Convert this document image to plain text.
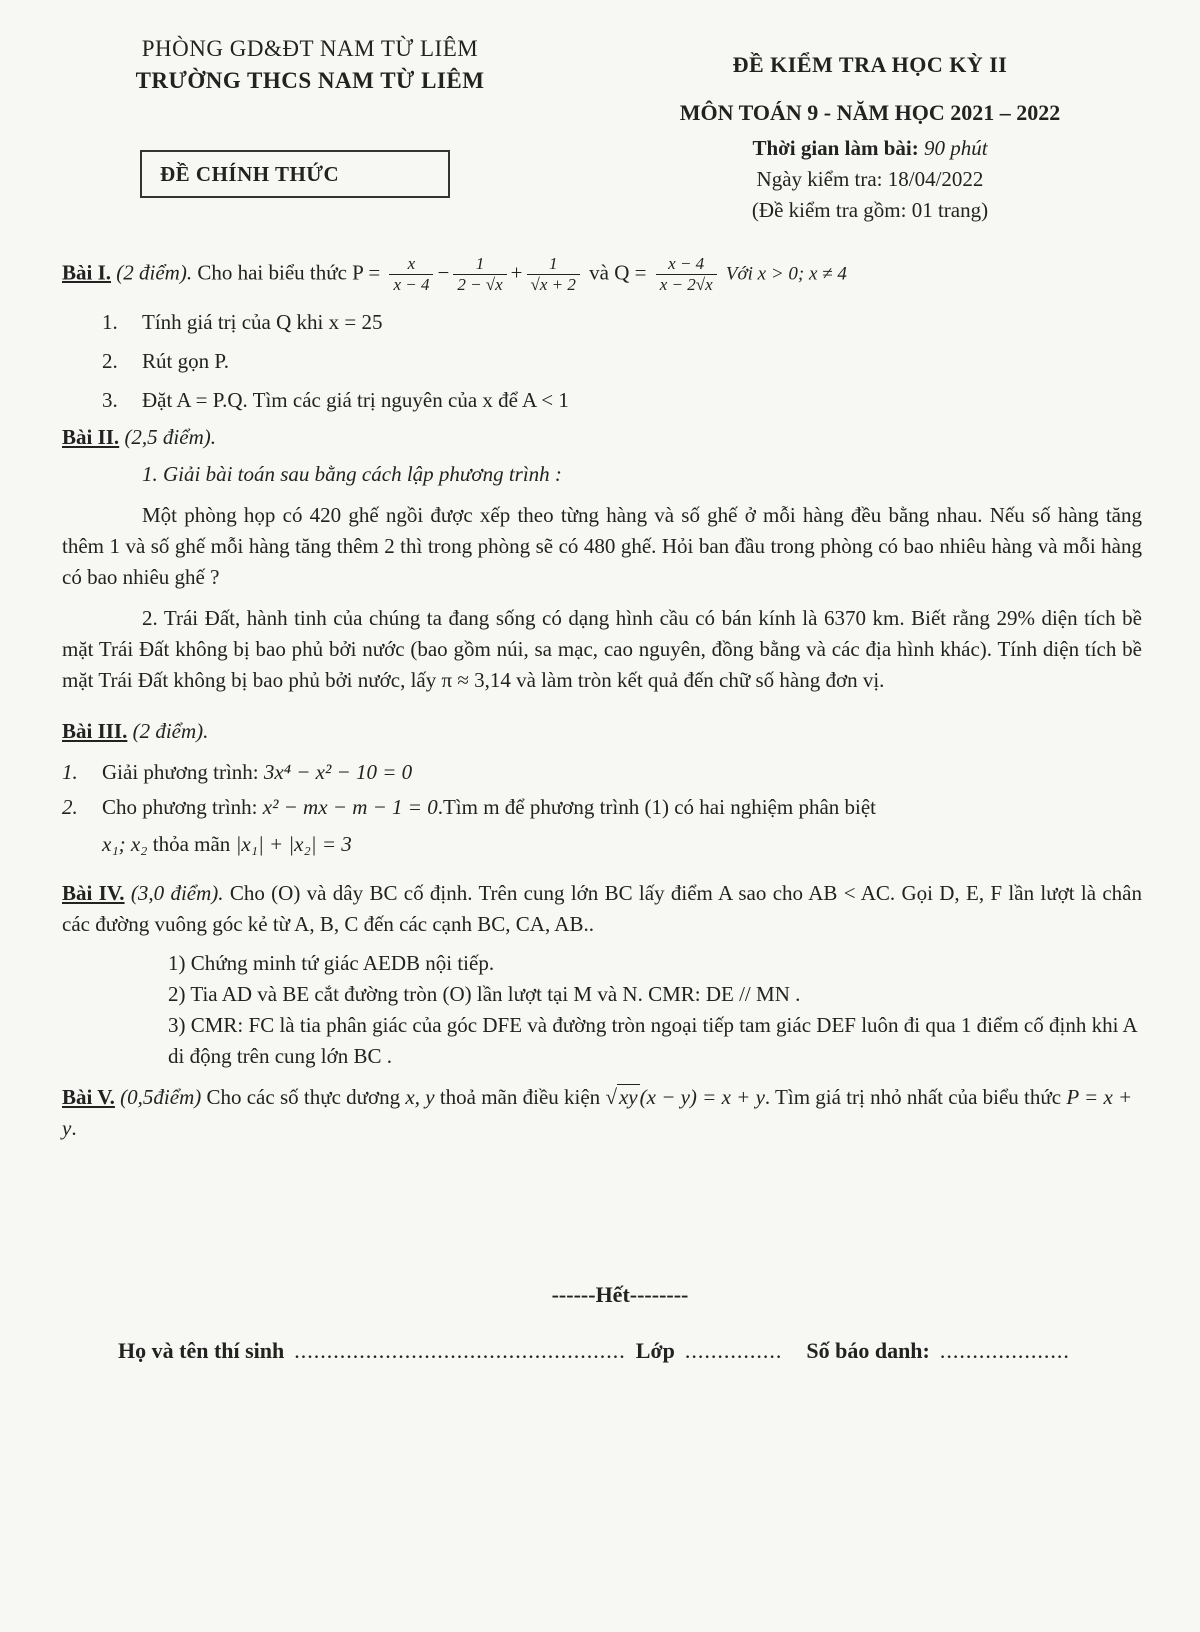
PHÒNG GD&ĐT NAM TỪ LIÊM
TRƯỜNG THCS NAM TỪ LIÊM
ĐỀ CHÍNH THỨC
ĐỀ KIỂM TRA HỌC KỲ II
MÔN TOÁN 9 - NĂM HỌC 2021 – 2022
Thời gian làm bài: 90 phút
Ngày kiểm tra: 18/04/2022
(Đề kiểm tra gồm: 01 trang)
Bài I. (2 điểm). Cho hai biểu thức $P = \frac{x}{x - 4} - \frac{1}{2 - √x} + \frac{1}{√x + 2}$ và $Q = \frac{x - 4}{x - 2√x}$ Với x > 0; x ≠ 4
1.	Tính giá trị của Q khi x = 25
2.	Rút gọn P.
3.	Đặt A = P.Q. Tìm các giá trị nguyên của x để A < 1
Bài II. (2,5 điểm).
1. Giải bài toán sau bằng cách lập phương trình :
Một phòng họp có 420 ghế ngồi được xếp theo từng hàng và số ghế ở mỗi hàng đều bằng nhau. Nếu số hàng tăng thêm 1 và số ghế mỗi hàng tăng thêm 2 thì trong phòng sẽ có 480 ghế. Hỏi ban đầu trong phòng có bao nhiêu hàng và mỗi hàng có bao nhiêu ghế ?
2. Trái Đất, hành tinh của chúng ta đang sống có dạng hình cầu có bán kính là 6370 km. Biết rằng 29% diện tích bề mặt Trái Đất không bị bao phủ bởi nước (bao gồm núi, sa mạc, cao nguyên, đồng bằng và các địa hình khác). Tính diện tích bề mặt Trái Đất không bị bao phủ bởi nước, lấy π ≈ 3,14 và làm tròn kết quả đến chữ số hàng đơn vị.
Bài III. (2 điểm).
1.	Giải phương trình: 3x⁴ − x² − 10 = 0
2.	Cho phương trình: x² − mx − m − 1 = 0.Tìm m để phương trình (1) có hai nghiệm phân biệt
x₁; x₂ thỏa mãn |x₁| + |x₂| = 3
Bài IV. (3,0 điểm). Cho (O) và dây BC cố định. Trên cung lớn BC lấy điểm A sao cho AB < AC. Gọi D, E, F lần lượt là chân các đường vuông góc kẻ từ A, B, C đến các cạnh BC, CA, AB..
1) Chứng minh tứ giác AEDB nội tiếp.
2) Tia AD và BE cắt đường tròn (O) lần lượt tại M và N. CMR: DE // MN .
3) CMR: FC là tia phân giác của góc DFE và đường tròn ngoại tiếp tam giác DEF luôn đi qua 1 điểm cố định khi A di động trên cung lớn BC .
Bài V. (0,5điểm) Cho các số thực dương x, y thoả mãn điều kiện √xy(x − y) = x + y. Tìm giá trị nhỏ nhất của biểu thức P = x + y.
------Hết--------
Họ và tên thí sinh ................................................... Lớp ............... Số báo danh: ....................
